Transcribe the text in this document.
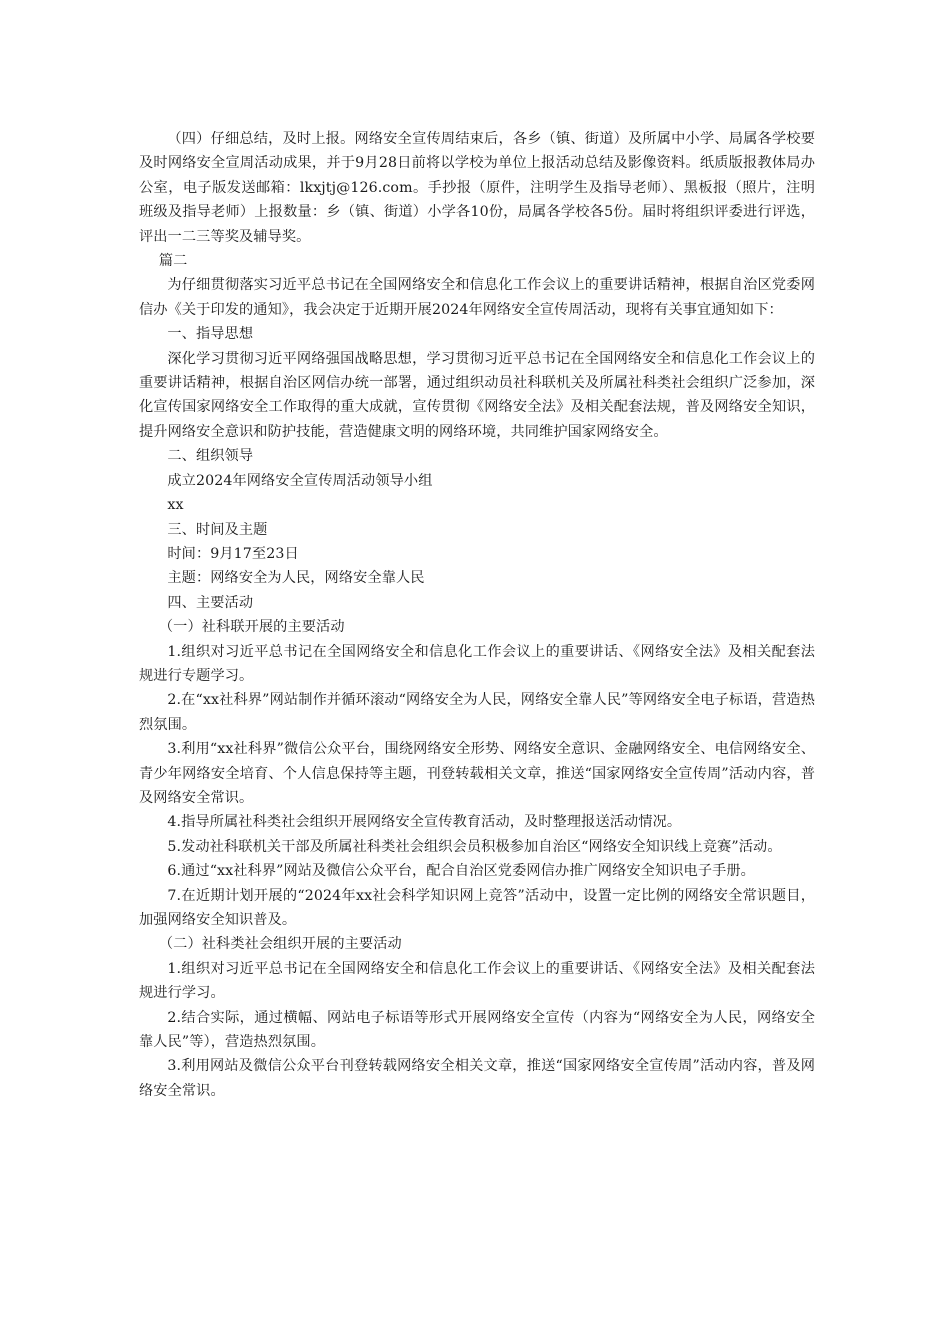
（四）仔细总结，及时上报。网络安全宣传周结束后，各乡（镇、街道）及所属中小学、局属各学校要及时网络安全宣周活动成果，并于9月28日前将以学校为单位上报活动总结及影像资料。纸质版报教体局办公室，电子版发送邮箱：lkxjtj@126.com。手抄报（原件，注明学生及指导老师）、黑板报（照片，注明班级及指导老师）上报数量：乡（镇、街道）小学各10份，局属各学校各5份。届时将组织评委进行评选，评出一二三等奖及辅导奖。

篇二

为仔细贯彻落实习近平总书记在全国网络安全和信息化工作会议上的重要讲话精神，根据自治区党委网信办《关于印发的通知》，我会决定于近期开展2024年网络安全宣传周活动，现将有关事宜通知如下：

一、指导思想

深化学习贯彻习近平网络强国战略思想，学习贯彻习近平总书记在全国网络安全和信息化工作会议上的重要讲话精神，根据自治区网信办统一部署，通过组织动员社科联机关及所属社科类社会组织广泛参加，深化宣传国家网络安全工作取得的重大成就，宣传贯彻《网络安全法》及相关配套法规，普及网络安全知识，提升网络安全意识和防护技能，营造健康文明的网络环境，共同维护国家网络安全。

二、组织领导

成立2024年网络安全宣传周活动领导小组

xx

三、时间及主题

时间：9月17至23日

主题：网络安全为人民，网络安全靠人民

四、主要活动

（一）社科联开展的主要活动

1.组织对习近平总书记在全国网络安全和信息化工作会议上的重要讲话、《网络安全法》及相关配套法规进行专题学习。

2.在“xx社科界”网站制作并循环滚动“网络安全为人民，网络安全靠人民”等网络安全电子标语，营造热烈氛围。

3.利用“xx社科界”微信公众平台，围绕网络安全形势、网络安全意识、金融网络安全、电信网络安全、青少年网络安全培育、个人信息保持等主题，刊登转载相关文章，推送“国家网络安全宣传周”活动内容，普及网络安全常识。

4.指导所属社科类社会组织开展网络安全宣传教育活动，及时整理报送活动情况。

5.发动社科联机关干部及所属社科类社会组织会员积极参加自治区“网络安全知识线上竞赛”活动。

6.通过“xx社科界”网站及微信公众平台，配合自治区党委网信办推广网络安全知识电子手册。

7.在近期计划开展的“2024年xx社会科学知识网上竞答”活动中，设置一定比例的网络安全常识题目，加强网络安全知识普及。

（二）社科类社会组织开展的主要活动

1.组织对习近平总书记在全国网络安全和信息化工作会议上的重要讲话、《网络安全法》及相关配套法规进行学习。

2.结合实际，通过横幅、网站电子标语等形式开展网络安全宣传（内容为“网络安全为人民，网络安全靠人民”等），营造热烈氛围。

3.利用网站及微信公众平台刊登转载网络安全相关文章，推送“国家网络安全宣传周”活动内容，普及网络安全常识。
